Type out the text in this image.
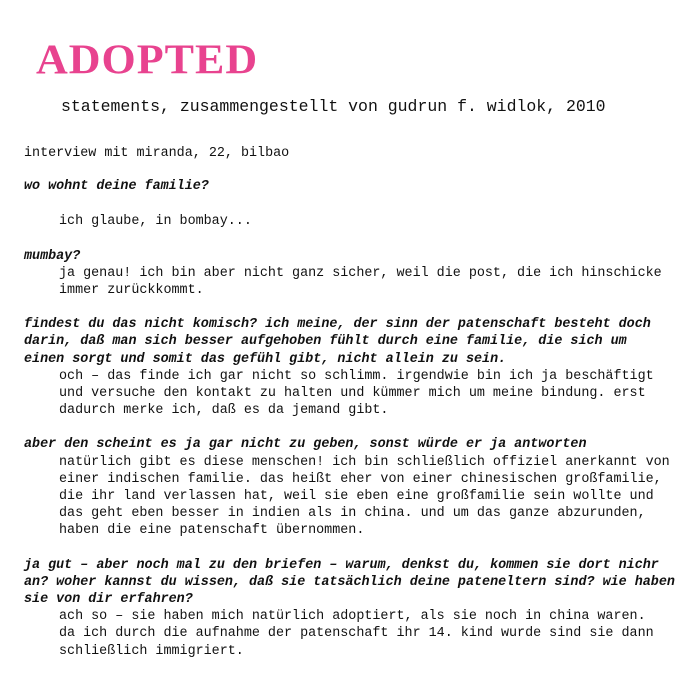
ADOPTED
statements, zusammengestellt von gudrun f. widlok, 2010
interview mit miranda, 22, bilbao
wo wohnt deine familie?
ich glaube, in bombay...
mumbay?
ja genau! ich bin aber nicht ganz sicher, weil die post, die ich hinschicke
immer zurückkommt.
findest du das nicht komisch? ich meine, der sinn der patenschaft besteht doch
darin, daß man sich besser aufgehoben fühlt durch eine familie, die sich um
einen sorgt und somit das gefühl gibt, nicht allein zu sein.
och – das finde ich gar nicht so schlimm. irgendwie bin ich ja beschäftigt
und versuche den kontakt zu halten und kümmer mich um meine bindung. erst
dadurch merke ich, daß es da jemand gibt.
aber den scheint es ja gar nicht zu geben, sonst würde er ja antworten
natürlich gibt es diese menschen! ich bin schließlich offiziel anerkannt von
einer indischen familie. das heißt eher von einer chinesischen großfamilie,
die ihr land verlassen hat, weil sie eben eine großfamilie sein wollte und
das geht eben besser in indien als in china. und um das ganze abzurunden,
haben die eine patenschaft übernommen.
ja gut – aber noch mal zu den briefen – warum, denkst du, kommen sie dort nichr
an? woher kannst du wissen, daß sie tatsächlich deine pateneltern sind? wie haben
sie von dir erfahren?
ach so – sie haben mich natürlich adoptiert, als sie noch in china waren.
da ich durch die aufnahme der patenschaft ihr 14. kind wurde sind sie dann
schließlich immigriert.
